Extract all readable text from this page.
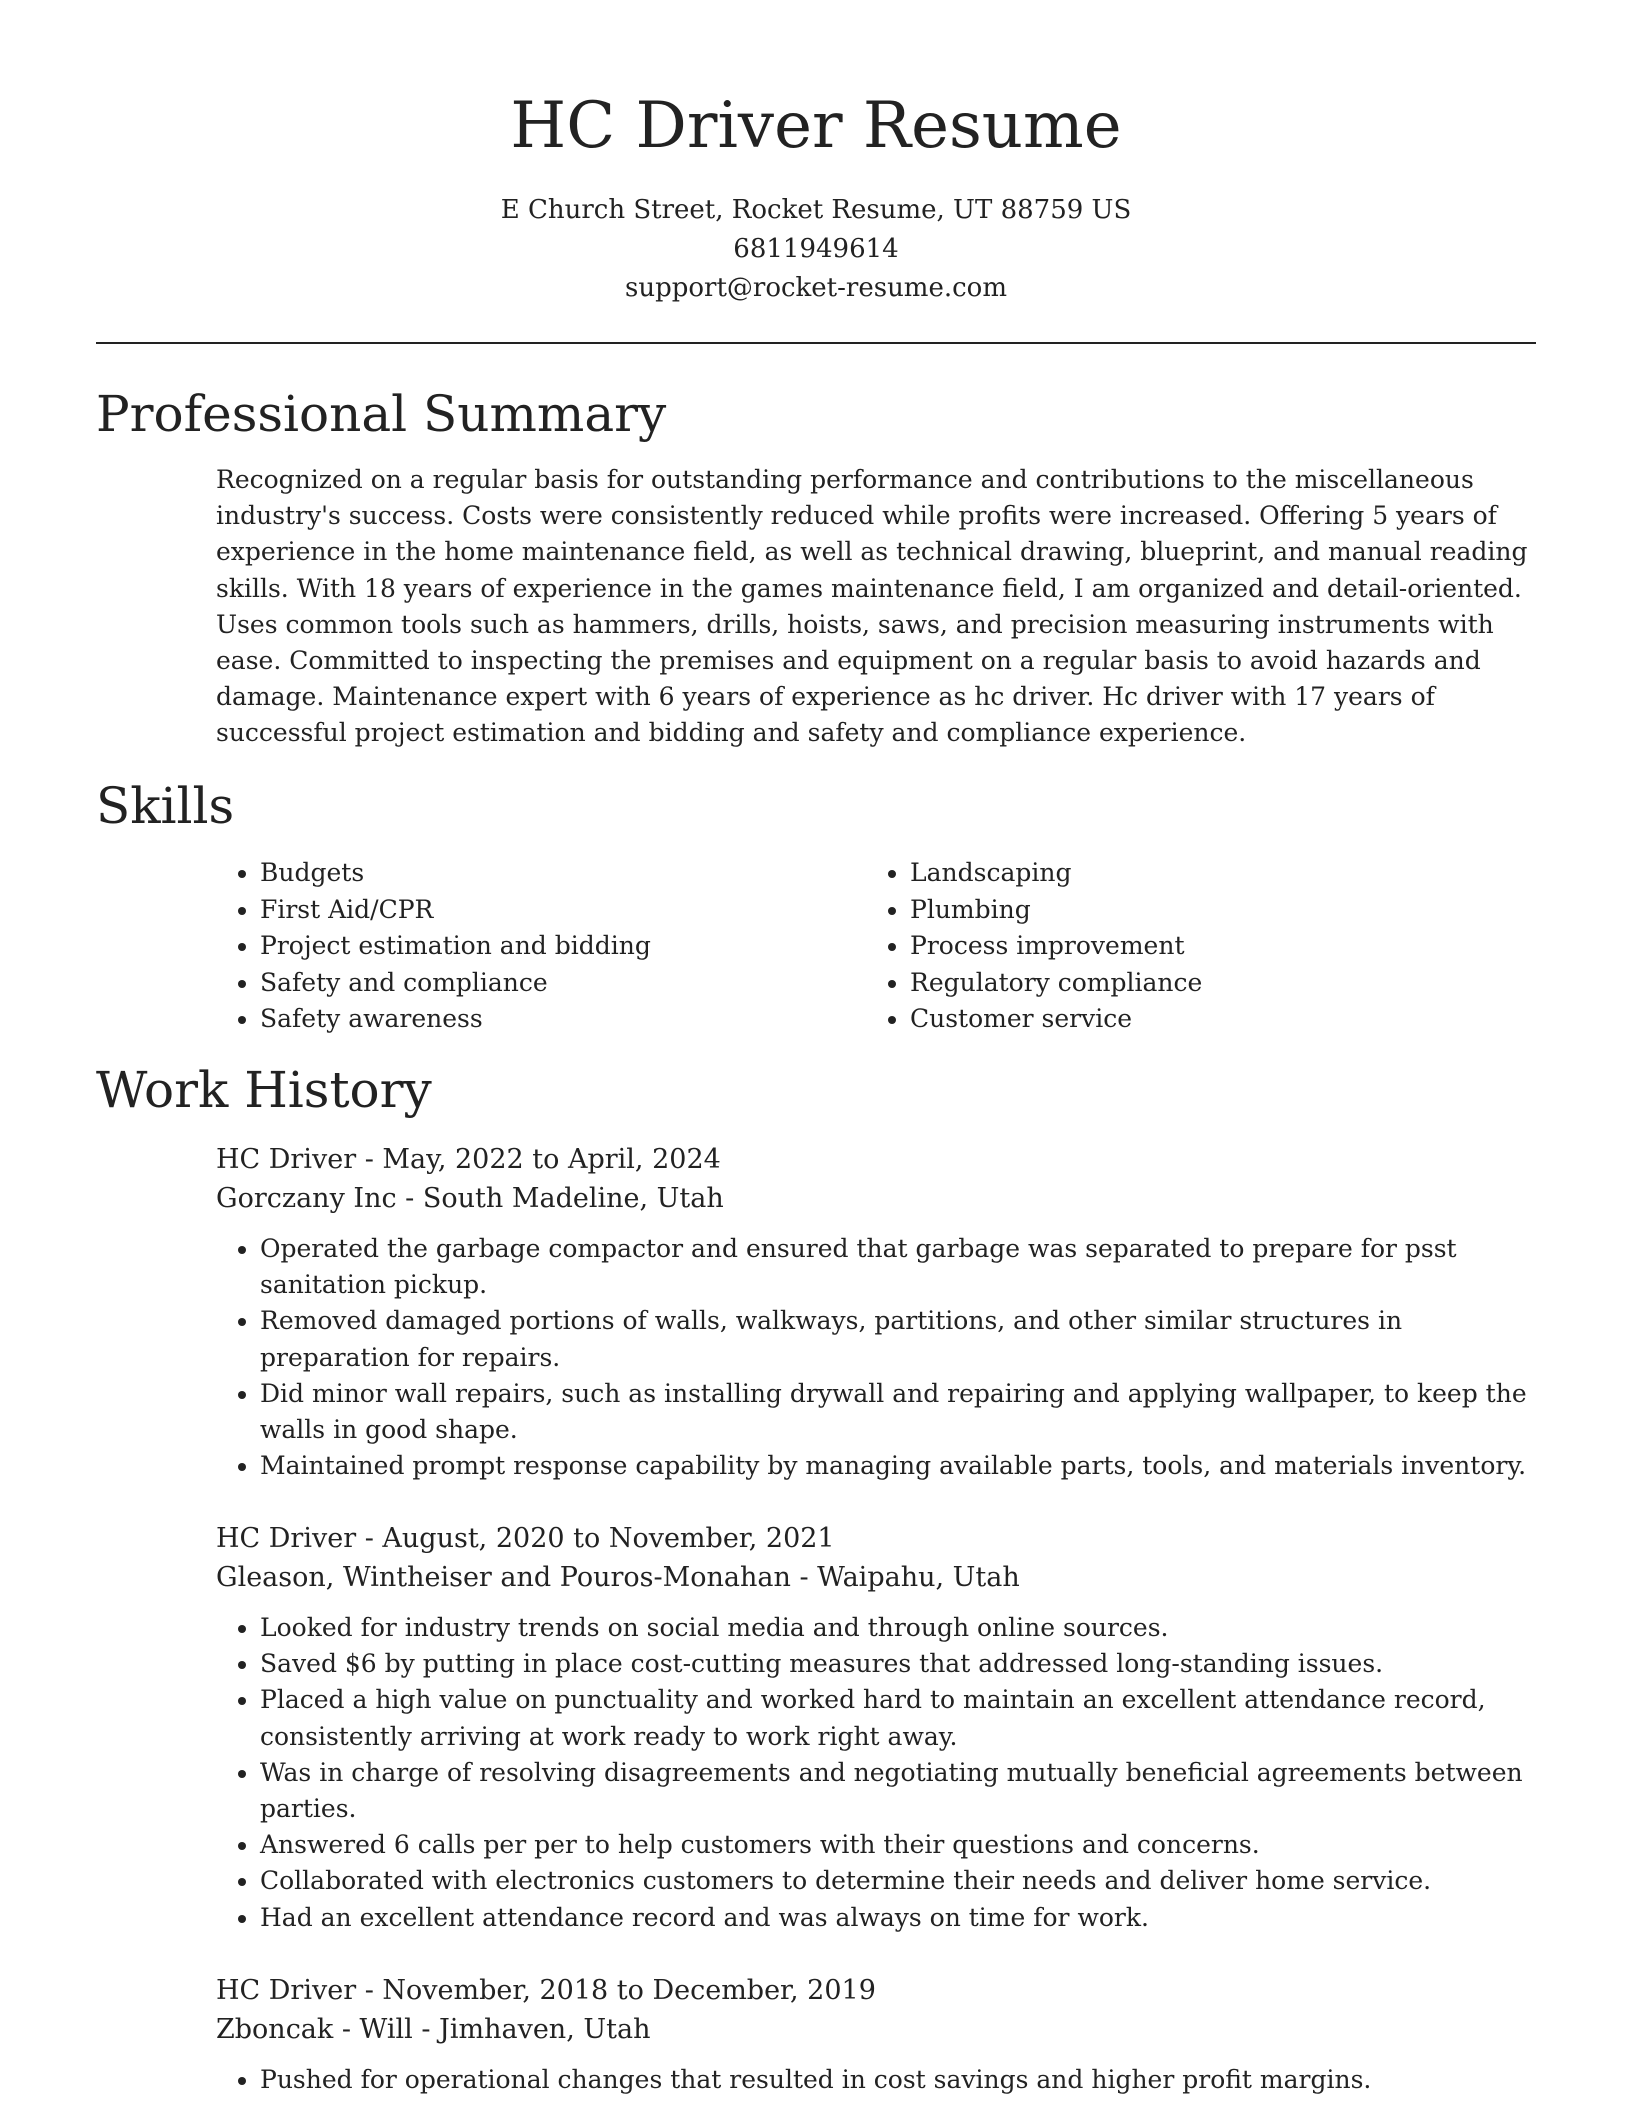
HC Driver Resume
E Church Street, Rocket Resume, UT 88759 US
6811949614
support@rocket-resume.com
Professional Summary

Recognized on a regular basis for outstanding performance and contributions to the miscellaneous industry's success. Costs were consistently reduced while profits were increased. Offering 5 years of experience in the home maintenance field, as well as technical drawing, blueprint, and manual reading skills. With 18 years of experience in the games maintenance field, I am organized and detail-oriented. Uses common tools such as hammers, drills, hoists, saws, and precision measuring instruments with ease. Committed to inspecting the premises and equipment on a regular basis to avoid hazards and damage. Maintenance expert with 6 years of experience as hc driver. Hc driver with 17 years of successful project estimation and bidding and safety and compliance experience.

Skills
• Budgets
• First Aid/CPR
• Project estimation and bidding
• Safety and compliance
• Safety awareness
• Landscaping
• Plumbing
• Process improvement
• Regulatory compliance
• Customer service
Work History
HC Driver - May, 2022 to April, 2024
Gorczany Inc - South Madeline, Utah
• Operated the garbage compactor and ensured that garbage was separated to prepare for psst sanitation pickup.
• Removed damaged portions of walls, walkways, partitions, and other similar structures in preparation for repairs.
• Did minor wall repairs, such as installing drywall and repairing and applying wallpaper, to keep the walls in good shape.
• Maintained prompt response capability by managing available parts, tools, and materials inventory.
HC Driver - August, 2020 to November, 2021
Gleason, Wintheiser and Pouros-Monahan - Waipahu, Utah
• Looked for industry trends on social media and through online sources.
• Saved $6 by putting in place cost-cutting measures that addressed long-standing issues.
• Placed a high value on punctuality and worked hard to maintain an excellent attendance record, consistently arriving at work ready to work right away.
• Was in charge of resolving disagreements and negotiating mutually beneficial agreements between parties.
• Answered 6 calls per per to help customers with their questions and concerns.
• Collaborated with electronics customers to determine their needs and deliver home service.
• Had an excellent attendance record and was always on time for work.
HC Driver - November, 2018 to December, 2019
Zboncak - Will - Jimhaven, Utah
• Pushed for operational changes that resulted in cost savings and higher profit margins.
